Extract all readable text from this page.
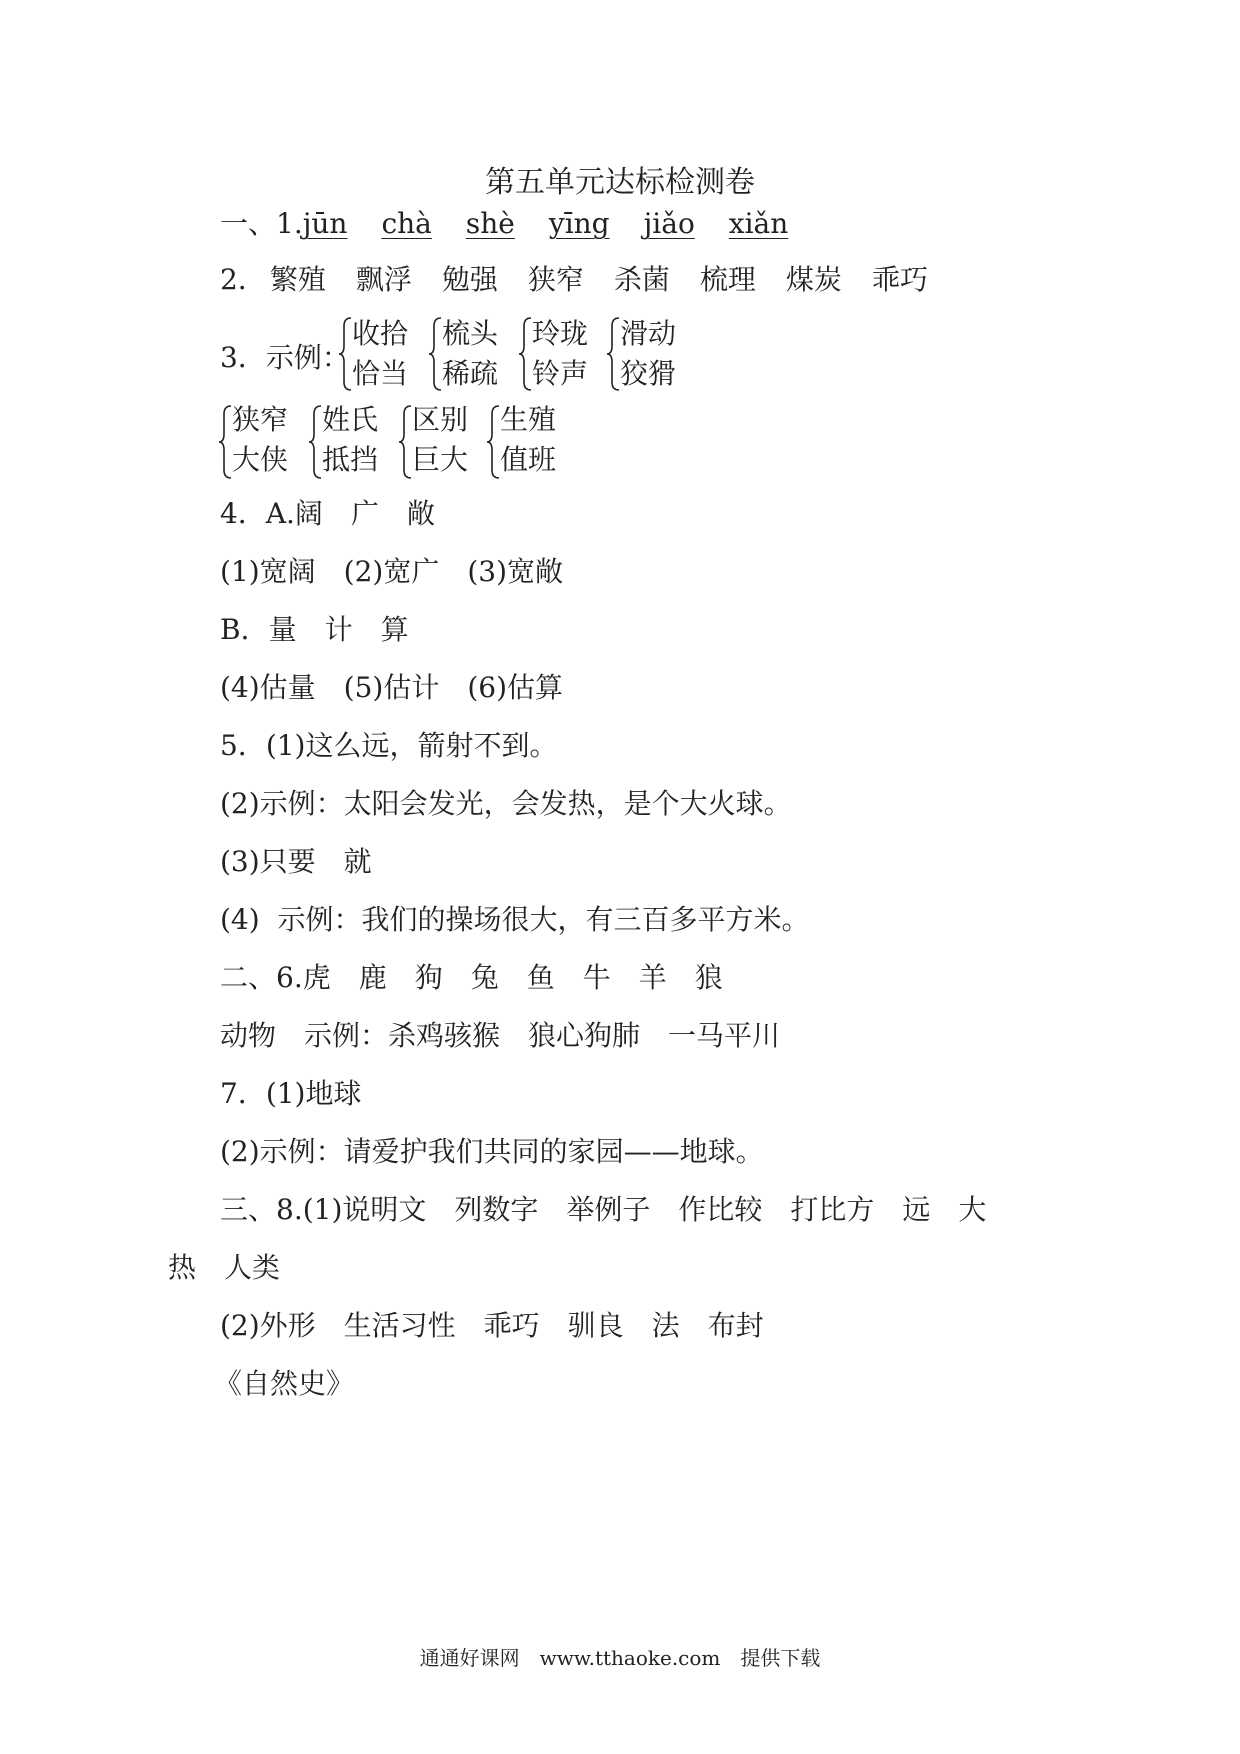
第五单元达标检测卷
一、1.jūn chà shè yīng jiǎo xiǎn
2． 繁殖 飘浮 勉强 狭窄 杀菌 梳理 煤炭 乖巧
3．示例：
收拾
恰当
梳头
稀疏
玲珑
铃声
滑动
狡猾
狭窄
大侠
姓氏
抵挡
区别
巨大
生殖
值班
4．A.阔　广　敞
(1)宽阔　(2)宽广　(3)宽敞
B．量　计　算
(4)估量　(5)估计　(6)估算
5．(1)这么远，箭射不到。
(2)示例：太阳会发光，会发热，是个大火球。
(3)只要　就
(4)  示例：我们的操场很大，有三百多平方米。
二、6.虎　鹿　狗　兔　鱼　牛　羊　狼
动物　示例：杀鸡骇猴　狼心狗肺　一马平川
7．(1)地球
(2)示例：请爱护我们共同的家园——地球。
三、8.(1)说明文　列数字　举例子　作比较　打比方　远　大
热　人类
(2)外形　生活习性　乖巧　驯良　法　布封
《自然史》
通通好课网　www.tthaoke.com　提供下载
